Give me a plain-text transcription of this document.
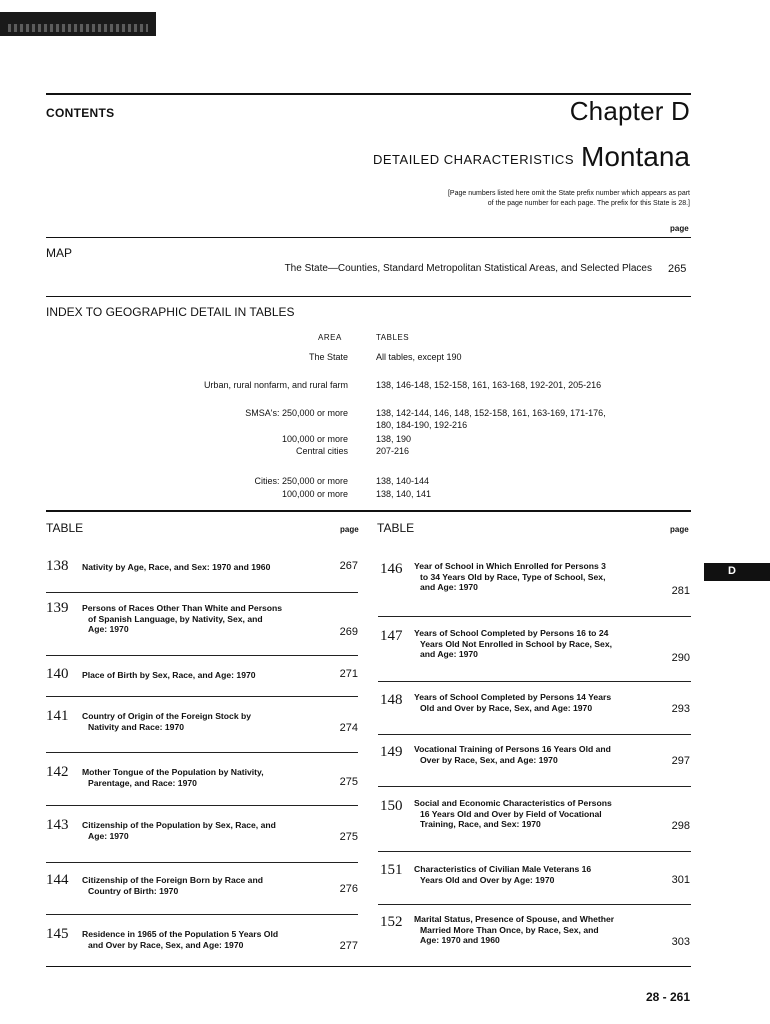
CONTENTS	Chapter D
DETAILED CHARACTERISTICS Montana
[Page numbers listed here omit the State prefix number which appears as part
of the page number for each page. The prefix for this State is 28.]
page
MAP
The State—Counties, Standard Metropolitan Statistical Areas, and Selected Places 265
INDEX TO GEOGRAPHIC DETAIL IN TABLES
AREA	TABLES
The State	All tables, except 190
Urban, rural nonfarm, and rural farm	138, 146-148, 152-158, 161, 163-168, 192-201, 205-216
SMSA's: 250,000 or more	138, 142-144, 146, 148, 152-158, 161, 163-169, 171-176,
180, 184-190, 192-216
100,000 or more	138, 190
Central cities	207-216
Cities: 250,000 or more	138, 140-144
100,000 or more	138, 140, 141
TABLE	page TABLE	page
138 Nativity by Age, Race, and Sex: 1970 and 1960	267
139 Persons of Races Other Than White and Persons
of Spanish Language, by Nativity, Sex, and
Age: 1970	269
140 Place of Birth by Sex, Race, and Age: 1970	271
141 Country of Origin of the Foreign Stock by
Nativity and Race: 1970	274
142 Mother Tongue of the Population by Nativity,
Parentage, and Race: 1970	275
143 Citizenship of the Population by Sex, Race, and
Age: 1970	275
144 Citizenship of the Foreign Born by Race and
Country of Birth: 1970	276
145 Residence in 1965 of the Population 5 Years Old
and Over by Race, Sex, and Age: 1970	277
146 Year of School in Which Enrolled for Persons 3
to 34 Years Old by Race, Type of School, Sex,
and Age: 1970	281
147 Years of School Completed by Persons 16 to 24
Years Old Not Enrolled in School by Race, Sex,
and Age: 1970	290
148 Years of School Completed by Persons 14 Years
Old and Over by Race, Sex, and Age: 1970	293
149 Vocational Training of Persons 16 Years Old and
Over by Race, Sex, and Age: 1970	297
150 Social and Economic Characteristics of Persons
16 Years Old and Over by Field of Vocational
Training, Race, and Sex: 1970	298
151 Characteristics of Civilian Male Veterans 16
Years Old and Over by Age: 1970	301
152 Marital Status, Presence of Spouse, and Whether
Married More Than Once, by Race, Sex, and
Age: 1970 and 1960	303
D
28 - 261
